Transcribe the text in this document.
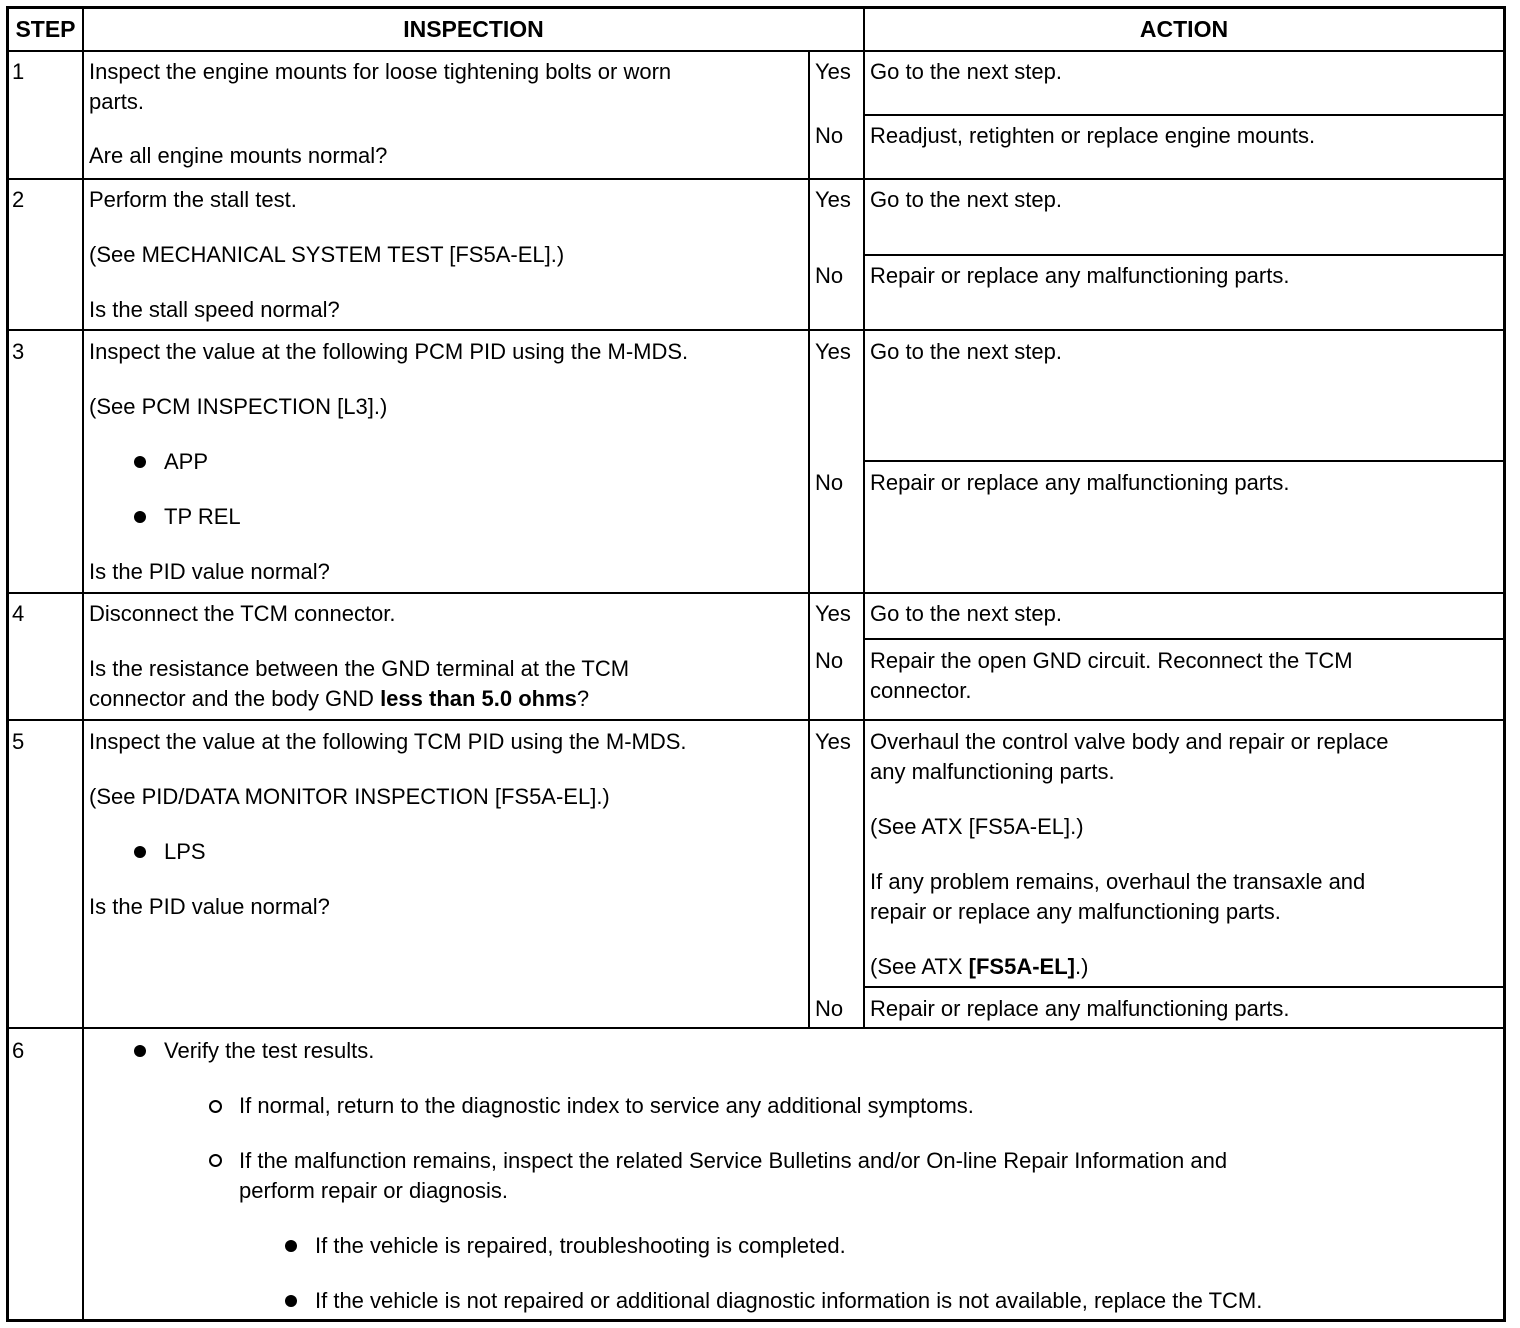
STEP	INSPECTION	ACTION
1	Inspect the engine mounts for loose tightening bolts or worn
parts.
Are all engine mounts normal?
Yes Go to the next step.
No Readjust, retighten or replace engine mounts.
2	Perform the stall test.
(See MECHANICAL SYSTEM TEST [FS5A-EL].)
Is the stall speed normal?
Yes Go to the next step.
No Repair or replace any malfunctioning parts.
3	Inspect the value at the following PCM PID using the M-MDS.
(See PCM INSPECTION [L3].)
APP
TP REL
Is the PID value normal?
Yes Go to the next step.
No Repair or replace any malfunctioning parts.
4	Disconnect the TCM connector.
Is the resistance between the GND terminal at the TCM
connector and the body GND less than 5.0 ohms?
Yes Go to the next step.
No Repair the open GND circuit. Reconnect the TCM
connector.
5	Inspect the value at the following TCM PID using the M-MDS.
(See PID/DATA MONITOR INSPECTION [FS5A-EL].)
LPS
Is the PID value normal?
Yes Overhaul the control valve body and repair or replace
any malfunctioning parts.
(See ATX [FS5A-EL].)
If any problem remains, overhaul the transaxle and
repair or replace any malfunctioning parts.
(See ATX [FS5A-EL].)
No Repair or replace any malfunctioning parts.
6	Verify the test results.
If normal, return to the diagnostic index to service any additional symptoms.
If the malfunction remains, inspect the related Service Bulletins and/or On-line Repair Information and
perform repair or diagnosis.
If the vehicle is repaired, troubleshooting is completed.
If the vehicle is not repaired or additional diagnostic information is not available, replace the TCM.
